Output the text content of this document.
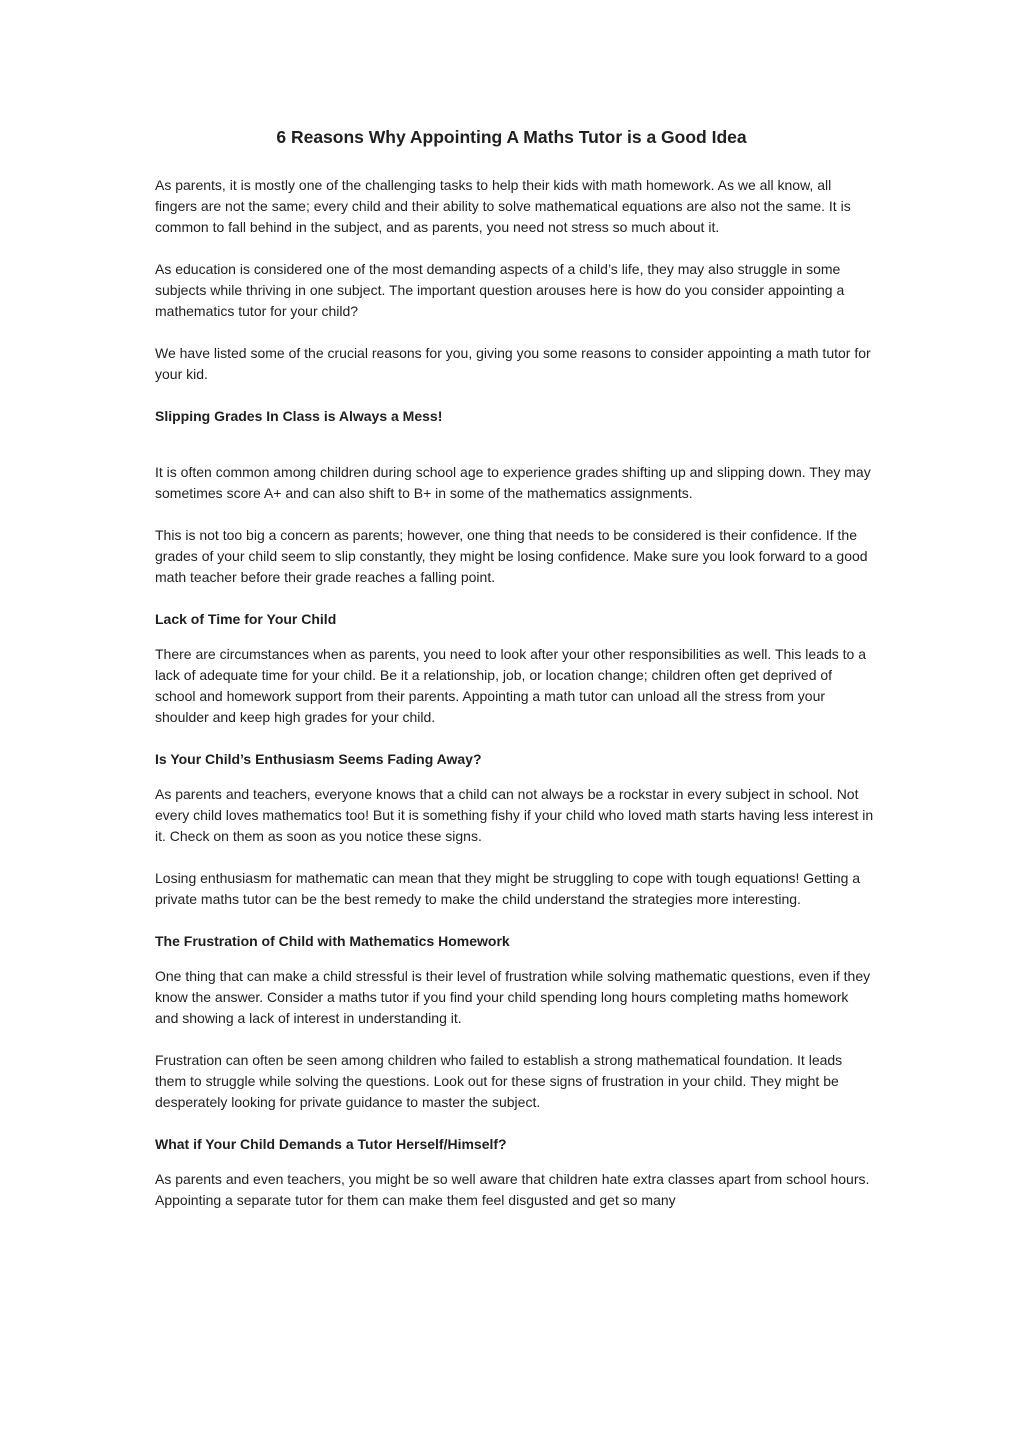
6 Reasons Why Appointing A Maths Tutor is a Good Idea

As parents, it is mostly one of the challenging tasks to help their kids with math homework. As we all know, all fingers are not the same; every child and their ability to solve mathematical equations are also not the same. It is common to fall behind in the subject, and as parents, you need not stress so much about it.

As education is considered one of the most demanding aspects of a child’s life, they may also struggle in some subjects while thriving in one subject. The important question arouses here is how do you consider appointing a mathematics tutor for your child?

We have listed some of the crucial reasons for you, giving you some reasons to consider appointing a math tutor for your kid.

Slipping Grades In Class is Always a Mess!

It is often common among children during school age to experience grades shifting up and slipping down. They may sometimes score A+ and can also shift to B+ in some of the mathematics assignments.

This is not too big a concern as parents; however, one thing that needs to be considered is their confidence. If the grades of your child seem to slip constantly, they might be losing confidence. Make sure you look forward to a good math teacher before their grade reaches a falling point.

Lack of Time for Your Child

There are circumstances when as parents, you need to look after your other responsibilities as well. This leads to a lack of adequate time for your child. Be it a relationship, job, or location change; children often get deprived of school and homework support from their parents. Appointing a math tutor can unload all the stress from your shoulder and keep high grades for your child.

Is Your Child’s Enthusiasm Seems Fading Away?

As parents and teachers, everyone knows that a child can not always be a rockstar in every subject in school. Not every child loves mathematics too! But it is something fishy if your child who loved math starts having less interest in it. Check on them as soon as you notice these signs.

Losing enthusiasm for mathematic can mean that they might be struggling to cope with tough equations! Getting a private maths tutor can be the best remedy to make the child understand the strategies more interesting.

The Frustration of Child with Mathematics Homework

One thing that can make a child stressful is their level of frustration while solving mathematic questions, even if they know the answer. Consider a maths tutor if you find your child spending long hours completing maths homework and showing a lack of interest in understanding it.

Frustration can often be seen among children who failed to establish a strong mathematical foundation. It leads them to struggle while solving the questions. Look out for these signs of frustration in your child. They might be desperately looking for private guidance to master the subject.

What if Your Child Demands a Tutor Herself/Himself?

As parents and even teachers, you might be so well aware that children hate extra classes apart from school hours. Appointing a separate tutor for them can make them feel disgusted and get so many
